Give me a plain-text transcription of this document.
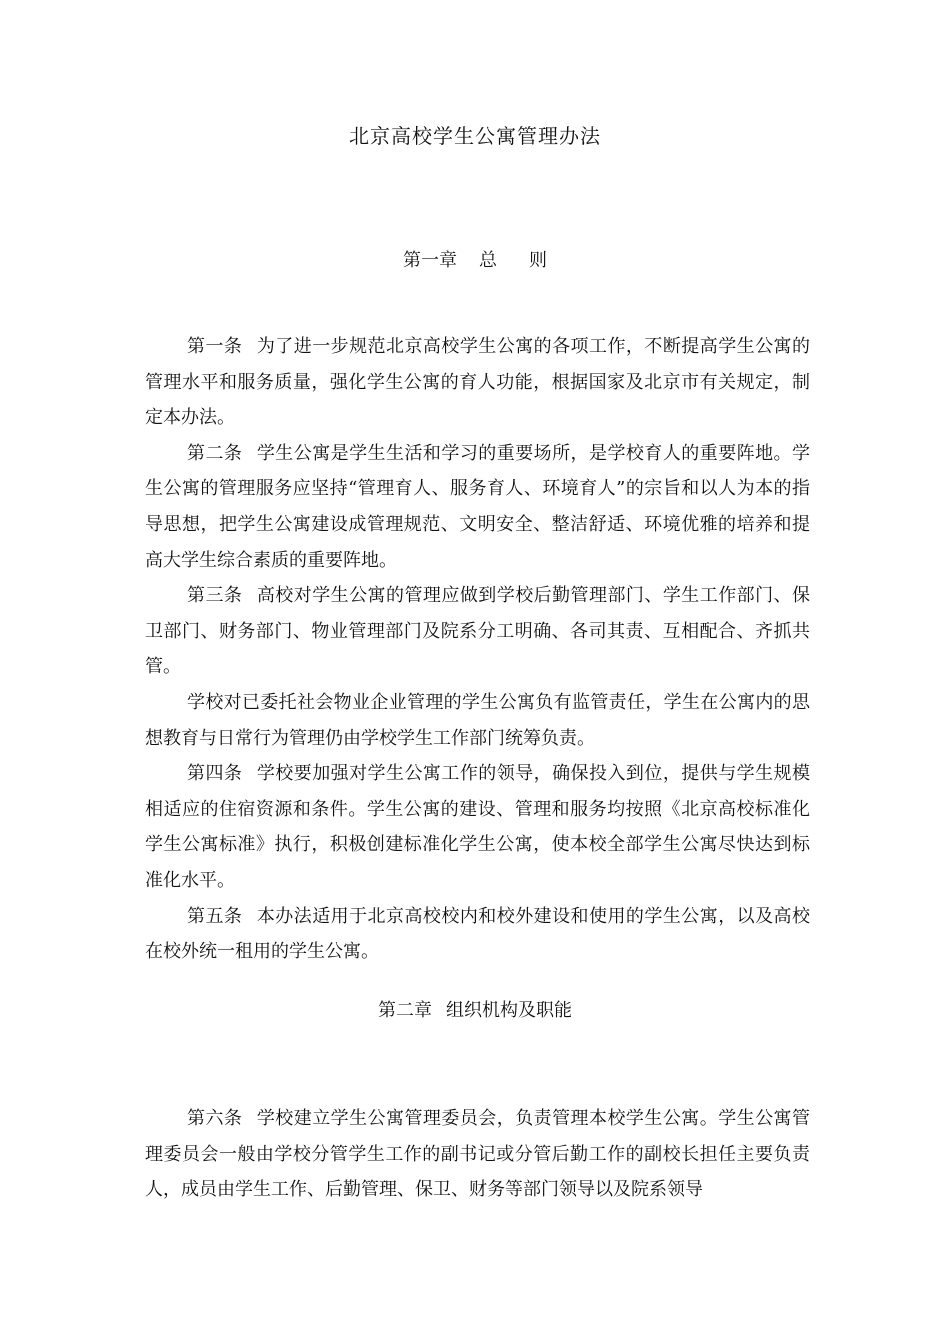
北京高校学生公寓管理办法
第一章 总 则

第一条 为了进一步规范北京高校学生公寓的各项工作，不断提高学生公寓的管理水平和服务质量，强化学生公寓的育人功能，根据国家及北京市有关规定，制定本办法。

第二条 学生公寓是学生生活和学习的重要场所，是学校育人的重要阵地。学生公寓的管理服务应坚持“管理育人、服务育人、环境育人”的宗旨和以人为本的指导思想，把学生公寓建设成管理规范、文明安全、整洁舒适、环境优雅的培养和提高大学生综合素质的重要阵地。

第三条 高校对学生公寓的管理应做到学校后勤管理部门、学生工作部门、保卫部门、财务部门、物业管理部门及院系分工明确、各司其责、互相配合、齐抓共管。

学校对已委托社会物业企业管理的学生公寓负有监管责任，学生在公寓内的思想教育与日常行为管理仍由学校学生工作部门统筹负责。

第四条 学校要加强对学生公寓工作的领导，确保投入到位，提供与学生规模相适应的住宿资源和条件。学生公寓的建设、管理和服务均按照《北京高校标准化学生公寓标准》执行，积极创建标准化学生公寓，使本校全部学生公寓尽快达到标准化水平。

第五条 本办法适用于北京高校校内和校外建设和使用的学生公寓，以及高校在校外统一租用的学生公寓。

第二章 组织机构及职能

第六条 学校建立学生公寓管理委员会，负责管理本校学生公寓。学生公寓管理委员会一般由学校分管学生工作的副书记或分管后勤工作的副校长担任主要负责人，成员由学生工作、后勤管理、保卫、财务等部门领导以及院系领导
